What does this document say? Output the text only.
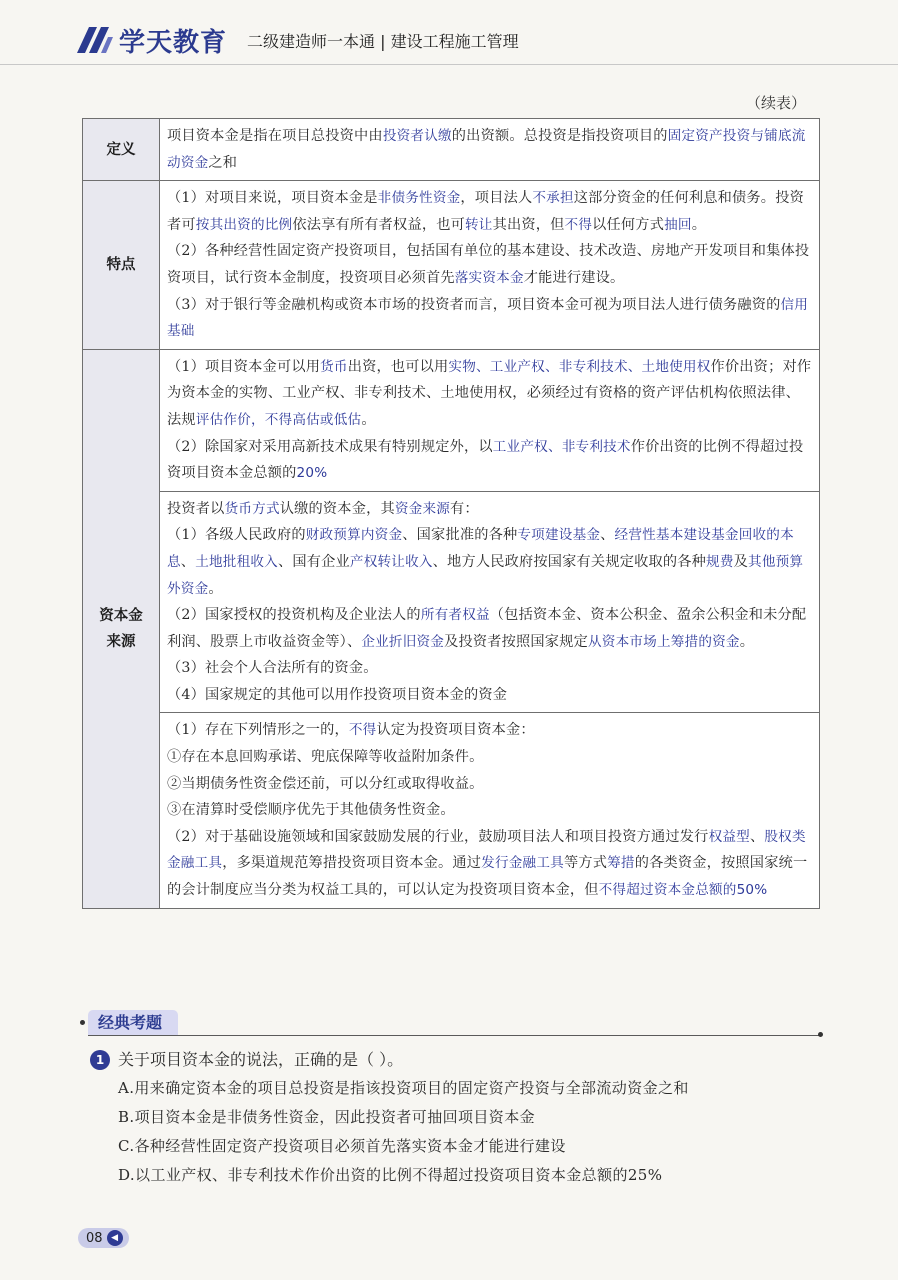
学天教育 二级建造师一本通 | 建设工程施工管理
（续表）
定义	项目资本金是指在项目总投资中由投资者认缴的出资额。总投资是指投资项目的固定资产投资与铺底流动资金之和

特点	（1）对项目来说，项目资本金是非债务性资金，项目法人不承担这部分资金的任何利息和债务。投资者可按其出资的比例依法享有所有者权益，也可转让其出资，但不得以任何方式抽回。
（2）各种经营性固定资产投资项目，包括国有单位的基本建设、技术改造、房地产开发项目和集体投资项目，试行资本金制度，投资项目必须首先落实资本金才能进行建设。
（3）对于银行等金融机构或资本市场的投资者而言，项目资本金可视为项目法人进行债务融资的信用基础

资本金
来源	（1）项目资本金可以用货币出资，也可以用实物、工业产权、非专利技术、土地使用权作价出资；对作为资本金的实物、工业产权、非专利技术、土地使用权，必须经过有资格的资产评估机构依照法律、法规评估作价，不得高估或低估。
（2）除国家对采用高新技术成果有特别规定外，以工业产权、非专利技术作价出资的比例不得超过投资项目资本金总额的20%

	投资者以货币方式认缴的资本金，其资金来源有：
（1）各级人民政府的财政预算内资金、国家批准的各种专项建设基金、经营性基本建设基金回收的本息、土地批租收入、国有企业产权转让收入、地方人民政府按国家有关规定收取的各种规费及其他预算外资金。
（2）国家授权的投资机构及企业法人的所有者权益（包括资本金、资本公积金、盈余公积金和未分配利润、股票上市收益资金等）、企业折旧资金及投资者按照国家规定从资本市场上筹措的资金。
（3）社会个人合法所有的资金。
（4）国家规定的其他可以用作投资项目资本金的资金

	（1）存在下列情形之一的，不得认定为投资项目资本金：
①存在本息回购承诺、兜底保障等收益附加条件。
②当期债务性资金偿还前，可以分红或取得收益。
③在清算时受偿顺序优先于其他债务性资金。
（2）对于基础设施领域和国家鼓励发展的行业，鼓励项目法人和项目投资方通过发行权益型、股权类金融工具，多渠道规范筹措投资项目资本金。通过发行金融工具等方式筹措的各类资金，按照国家统一的会计制度应当分类为权益工具的，可以认定为投资项目资本金，但不得超过资本金总额的50%
经典考题
1 关于项目资本金的说法，正确的是（ ）。
A.用来确定资本金的项目总投资是指该投资项目的固定资产投资与全部流动资金之和
B.项目资本金是非债务性资金，因此投资者可抽回项目资本金
C.各种经营性固定资产投资项目必须首先落实资本金才能进行建设
D.以工业产权、非专利技术作价出资的比例不得超过投资项目资本金总额的25%
08 ◀
